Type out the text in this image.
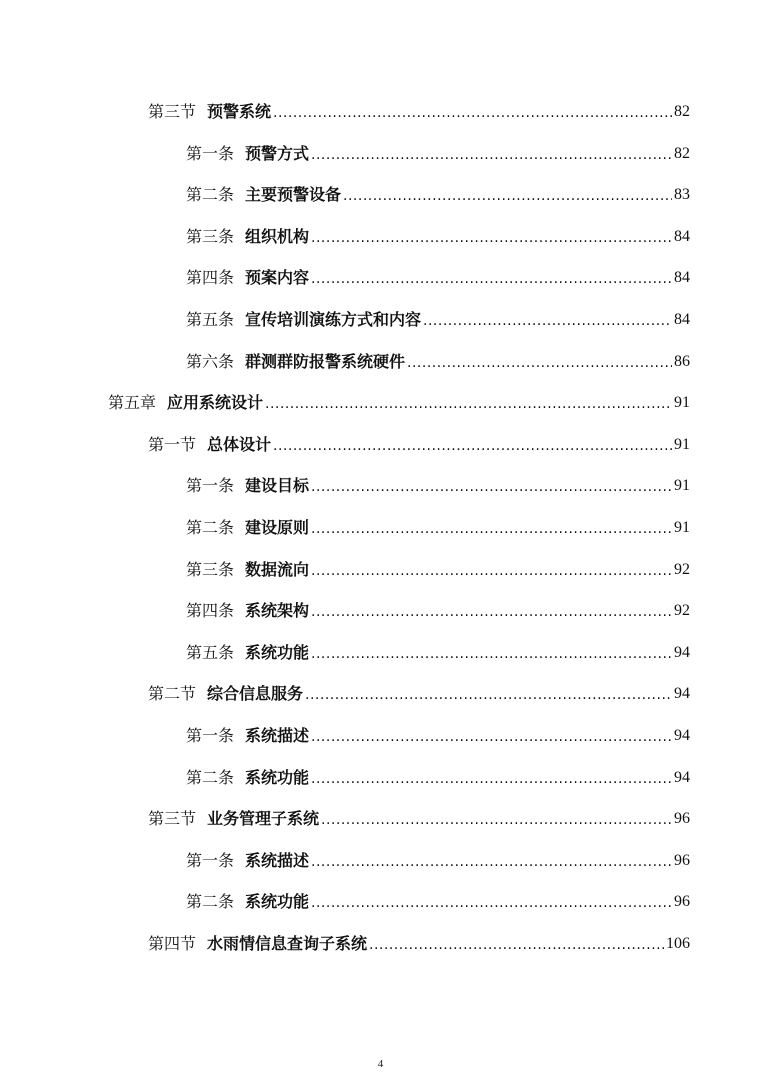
第三节 预警系统 .....	82
第一条 预警方式 .....	82
第二条 主要预警设备 .....	83
第三条 组织机构 .....	84
第四条 预案内容 .....	84
第五条 宣传培训演练方式和内容 .....	84
第六条 群测群防报警系统硬件 .....	86
第五章 应用系统设计 .....	91
第一节 总体设计 .....	91
第一条 建设目标 .....	91
第二条 建设原则 .....	91
第三条 数据流向 .....	92
第四条 系统架构 .....	92
第五条 系统功能 .....	94
第二节 综合信息服务 .....	94
第一条 系统描述 .....	94
第二条 系统功能 .....	94
第三节 业务管理子系统 .....	96
第一条 系统描述 .....	96
第二条 系统功能 .....	96
第四节 水雨情信息查询子系统 .....	106
4
